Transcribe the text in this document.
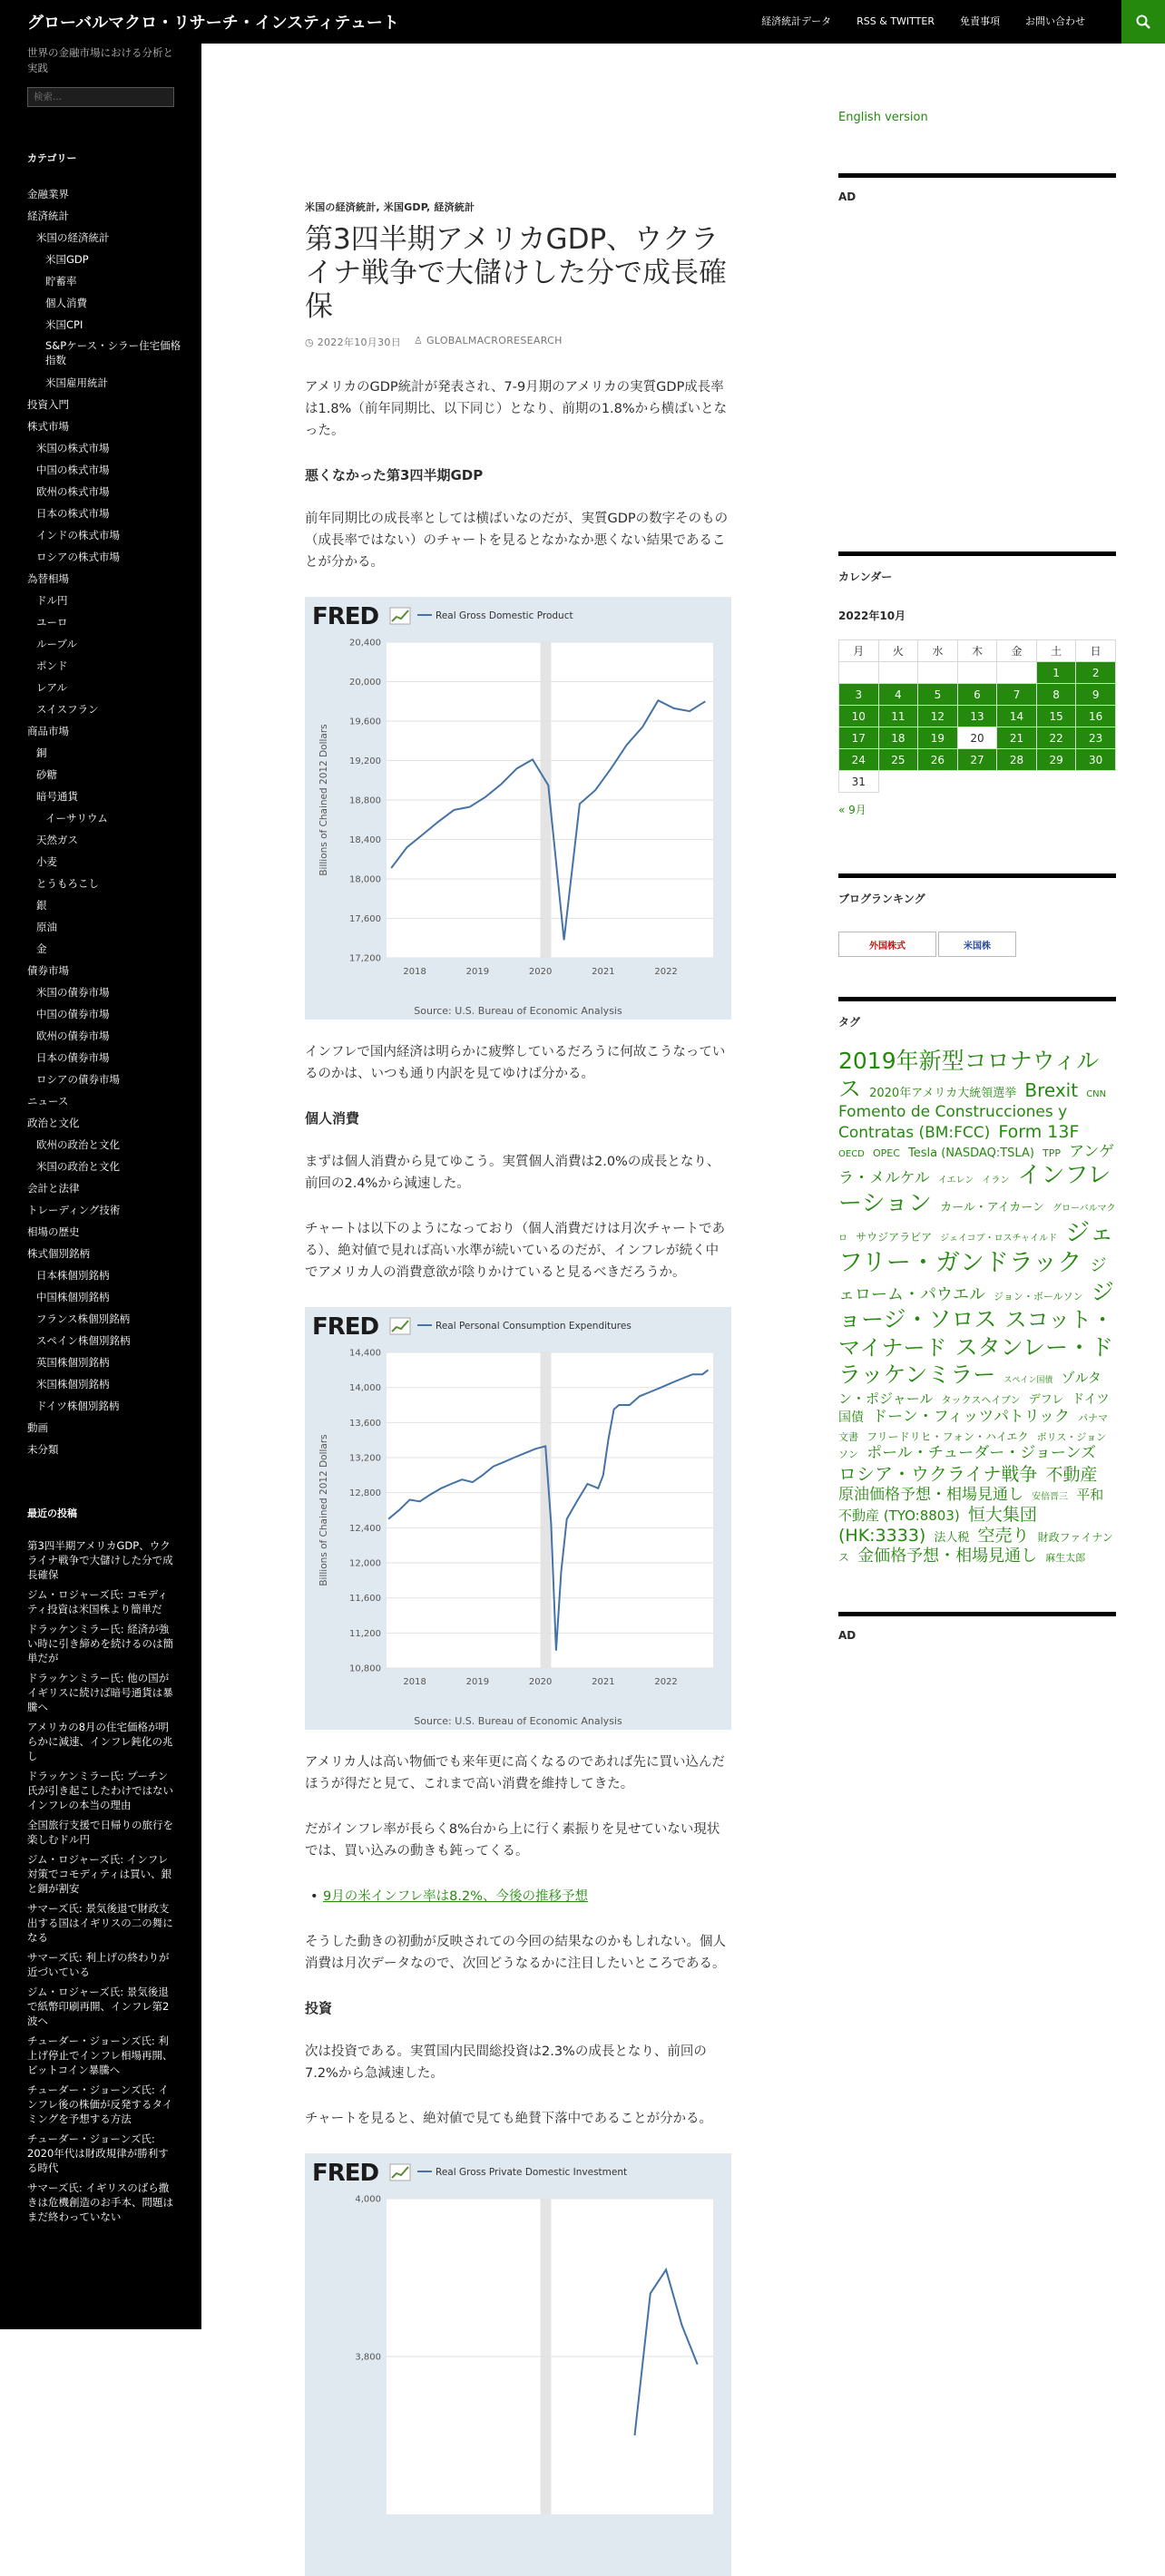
グローバルマクロ・リサーチ・インスティテュート	経済統計データ	RSS & TWITTER	免責事項	お問い合わせ
世界の金融市場における分析と実践
検索...
カテゴリー
金融業界
経済統計
米国の経済統計
米国GDP
貯蓄率
個人消費
米国CPI
S&Pケース・シラー住宅価格指数
米国雇用統計
投資入門
株式市場
米国の株式市場
中国の株式市場
欧州の株式市場
日本の株式市場
インドの株式市場
ロシアの株式市場
為替相場
ドル円
ユーロ
ルーブル
ポンド
レアル
スイスフラン
商品市場
銅
砂糖
暗号通貨
イーサリウム
天然ガス
小麦
とうもろこし
銀
原油
金
債券市場
米国の債券市場
中国の債券市場
欧州の債券市場
日本の債券市場
ロシアの債券市場
ニュース
政治と文化
欧州の政治と文化
米国の政治と文化
会計と法律
トレーディング技術
相場の歴史
株式個別銘柄
日本株個別銘柄
中国株個別銘柄
フランス株個別銘柄
スペイン株個別銘柄
英国株個別銘柄
米国株個別銘柄
ドイツ株個別銘柄
動画
未分類
最近の投稿
第3四半期アメリカGDP、ウクライナ戦争で大儲けした分で成長確保
ジム・ロジャーズ氏: コモディティ投資は米国株より簡単だ
ドラッケンミラー氏: 経済が強い時に引き締めを続けるのは簡単だが
ドラッケンミラー氏: 他の国がイギリスに続けば暗号通貨は暴騰へ
アメリカの8月の住宅価格が明らかに減速、インフレ鈍化の兆し
ドラッケンミラー氏: プーチン氏が引き起こしたわけではないインフレの本当の理由
全国旅行支援で日帰りの旅行を楽しむドル円
ジム・ロジャーズ氏: インフレ対策でコモディティは買い、銀と銅が割安
サマーズ氏: 景気後退で財政支出する国はイギリスの二の舞になる
サマーズ氏: 利上げの終わりが近づいている
ジム・ロジャーズ氏: 景気後退で紙幣印刷再開、インフレ第2波へ
チューダー・ジョーンズ氏: 利上げ停止でインフレ相場再開、ビットコイン暴騰へ
チューダー・ジョーンズ氏: インフレ後の株価が反発するタイミングを予想する方法
チューダー・ジョーンズ氏: 2020年代は財政規律が勝利する時代
サマーズ氏: イギリスのばら撒きは危機創造のお手本、問題はまだ終わっていない
米国の経済統計, 米国GDP, 経済統計
第3四半期アメリカGDP、ウクライナ戦争で大儲けした分で成長確保
◷ 2022年10月30日 ♙ GLOBALMACRORESEARCH
アメリカのGDP統計が発表され、7-9月期のアメリカの実質GDP成長率は1.8%（前年同期比、以下同じ）となり、前期の1.8%から横ばいとなった。
悪くなかった第3四半期GDP
前年同期比の成長率としては横ばいなのだが、実質GDPの数字そのもの（成長率ではない）のチャートを見るとなかなか悪くない結果であることが分かる。
FRED	Real Gross Domestic Product
17,200
17,600
18,000
18,400
18,800
19,200
19,600
20,000
20,400
2018	2019	2020	2021	2022
Billions of Chained 2012 Dollars
Source: U.S. Bureau of Economic Analysis
インフレで国内経済は明らかに疲弊しているだろうに何故こうなっているのかは、いつも通り内訳を見てゆけば分かる。
個人消費
まずは個人消費から見てゆこう。実質個人消費は2.0%の成長となり、前回の2.4%から減速した。
チャートは以下のようになっており（個人消費だけは月次チャートである）、絶対値で見れば高い水準が続いているのだが、インフレが続く中でアメリカ人の消費意欲が陰りかけていると見るべきだろうか。
FRED	Real Personal Consumption Expenditures
10,800
11,200
11,600
12,000
12,400
12,800
13,200
13,600
14,000
14,400
2018	2019	2020	2021	2022
Billions of Chained 2012 Dollars
Source: U.S. Bureau of Economic Analysis
アメリカ人は高い物価でも来年更に高くなるのであれば先に買い込んだほうが得だと見て、これまで高い消費を維持してきた。
だがインフレ率が長らく8%台から上に行く素振りを見せていない現状では、買い込みの動きも鈍ってくる。
• 9月の米インフレ率は8.2%、今後の推移予想
そうした動きの初動が反映されての今回の結果なのかもしれない。個人消費は月次データなので、次回どうなるかに注目したいところである。
投資
次は投資である。実質国内民間総投資は2.3%の成長となり、前回の7.2%から急減速した。
チャートを見ると、絶対値で見ても絶賛下落中であることが分かる。
FRED	Real Gross Private Domestic Investment
3,800
4,000
English version
AD
カレンダー
2022年10月
月	火	水	木	金	土	日
					1	2
3	4	5	6	7	8	9
10	11	12	13	14	15	16
17	18	19	20	21	22	23
24	25	26	27	28	29	30
31						
« 9月
ブログランキング
外国株式	米国株
タグ
2019年新型コロナウィルス 2020年アメリカ大統領選挙 Brexit CNN Fomento de Construcciones y Contratas (BM:FCC) Form 13F OECD OPEC Tesla (NASDAQ:TSLA) TPP アンゲラ・メルケル イエレン イラン インフレーション カール・アイカーン グローバルマクロ サウジアラビア ジェイコブ・ロスチャイルド ジェフリー・ガンドラック ジェローム・パウエル ジョン・ボールソン ジョージ・ソロス スコット・マイナード スタンレー・ドラッケンミラー スペイン国債 ゾルタン・ポジャール タックスヘイブン デフレ ドイツ国債 ドーン・フィッツパトリック パナマ文書 フリードリヒ・フォン・ハイエク ボリス・ジョンソン ポール・チューダー・ジョーンズ ロシア・ウクライナ戦争 不動産 原油価格予想・相場見通し 安倍晋三 平和不動産 (TYO:8803) 恒大集団 (HK:3333) 法人税 空売り 財政ファイナンス 金価格予想・相場見通し 麻生太郎
AD
